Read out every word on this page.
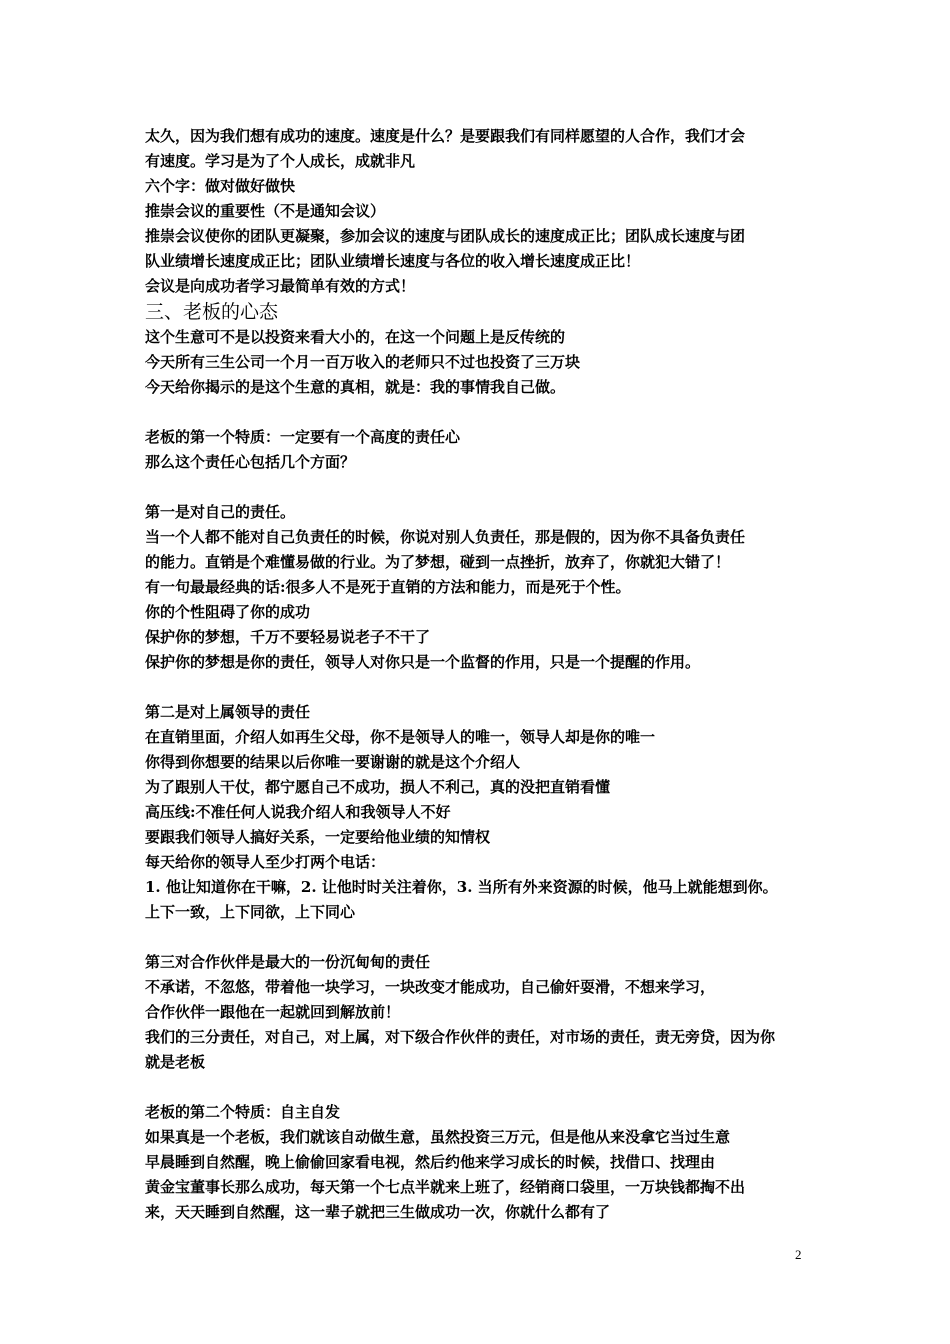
太久，因为我们想有成功的速度。速度是什么？是要跟我们有同样愿望的人合作，我们才会
有速度。学习是为了个人成长，成就非凡
六个字：做对做好做快
推崇会议的重要性（不是通知会议）
推崇会议使你的团队更凝聚，参加会议的速度与团队成长的速度成正比；团队成长速度与团
队业绩增长速度成正比；团队业绩增长速度与各位的收入增长速度成正比！
会议是向成功者学习最简单有效的方式！
三、老板的心态
这个生意可不是以投资来看大小的，在这一个问题上是反传统的
今天所有三生公司一个月一百万收入的老师只不过也投资了三万块
今天给你揭示的是这个生意的真相，就是：我的事情我自己做。
老板的第一个特质：一定要有一个高度的责任心
那么这个责任心包括几个方面？
第一是对自己的责任。
当一个人都不能对自己负责任的时候，你说对别人负责任，那是假的，因为你不具备负责任
的能力。直销是个难懂易做的行业。为了梦想，碰到一点挫折，放弃了，你就犯大错了！
有一句最最经典的话:很多人不是死于直销的方法和能力，而是死于个性。
你的个性阻碍了你的成功
保护你的梦想，千万不要轻易说老子不干了
保护你的梦想是你的责任，领导人对你只是一个监督的作用，只是一个提醒的作用。
第二是对上属领导的责任
在直销里面，介绍人如再生父母，你不是领导人的唯一，领导人却是你的唯一
你得到你想要的结果以后你唯一要谢谢的就是这个介绍人
为了跟别人干仗，都宁愿自己不成功，损人不利己，真的没把直销看懂
高压线:不准任何人说我介绍人和我领导人不好
要跟我们领导人搞好关系，一定要给他业绩的知情权
每天给你的领导人至少打两个电话：
1. 他让知道你在干嘛，2. 让他时时关注着你，3. 当所有外来资源的时候，他马上就能想到你。
上下一致，上下同欲，上下同心
第三对合作伙伴是最大的一份沉甸甸的责任
不承诺，不忽悠，带着他一块学习，一块改变才能成功，自己偷奸耍滑，不想来学习，
合作伙伴一跟他在一起就回到解放前！
我们的三分责任，对自己，对上属，对下级合作伙伴的责任，对市场的责任，责无旁贷，因为你
就是老板
老板的第二个特质：自主自发
如果真是一个老板，我们就该自动做生意，虽然投资三万元，但是他从来没拿它当过生意
早晨睡到自然醒，晚上偷偷回家看电视，然后约他来学习成长的时候，找借口、找理由
黄金宝董事长那么成功，每天第一个七点半就来上班了，经销商口袋里，一万块钱都掏不出
来，天天睡到自然醒，这一辈子就把三生做成功一次，你就什么都有了
2
